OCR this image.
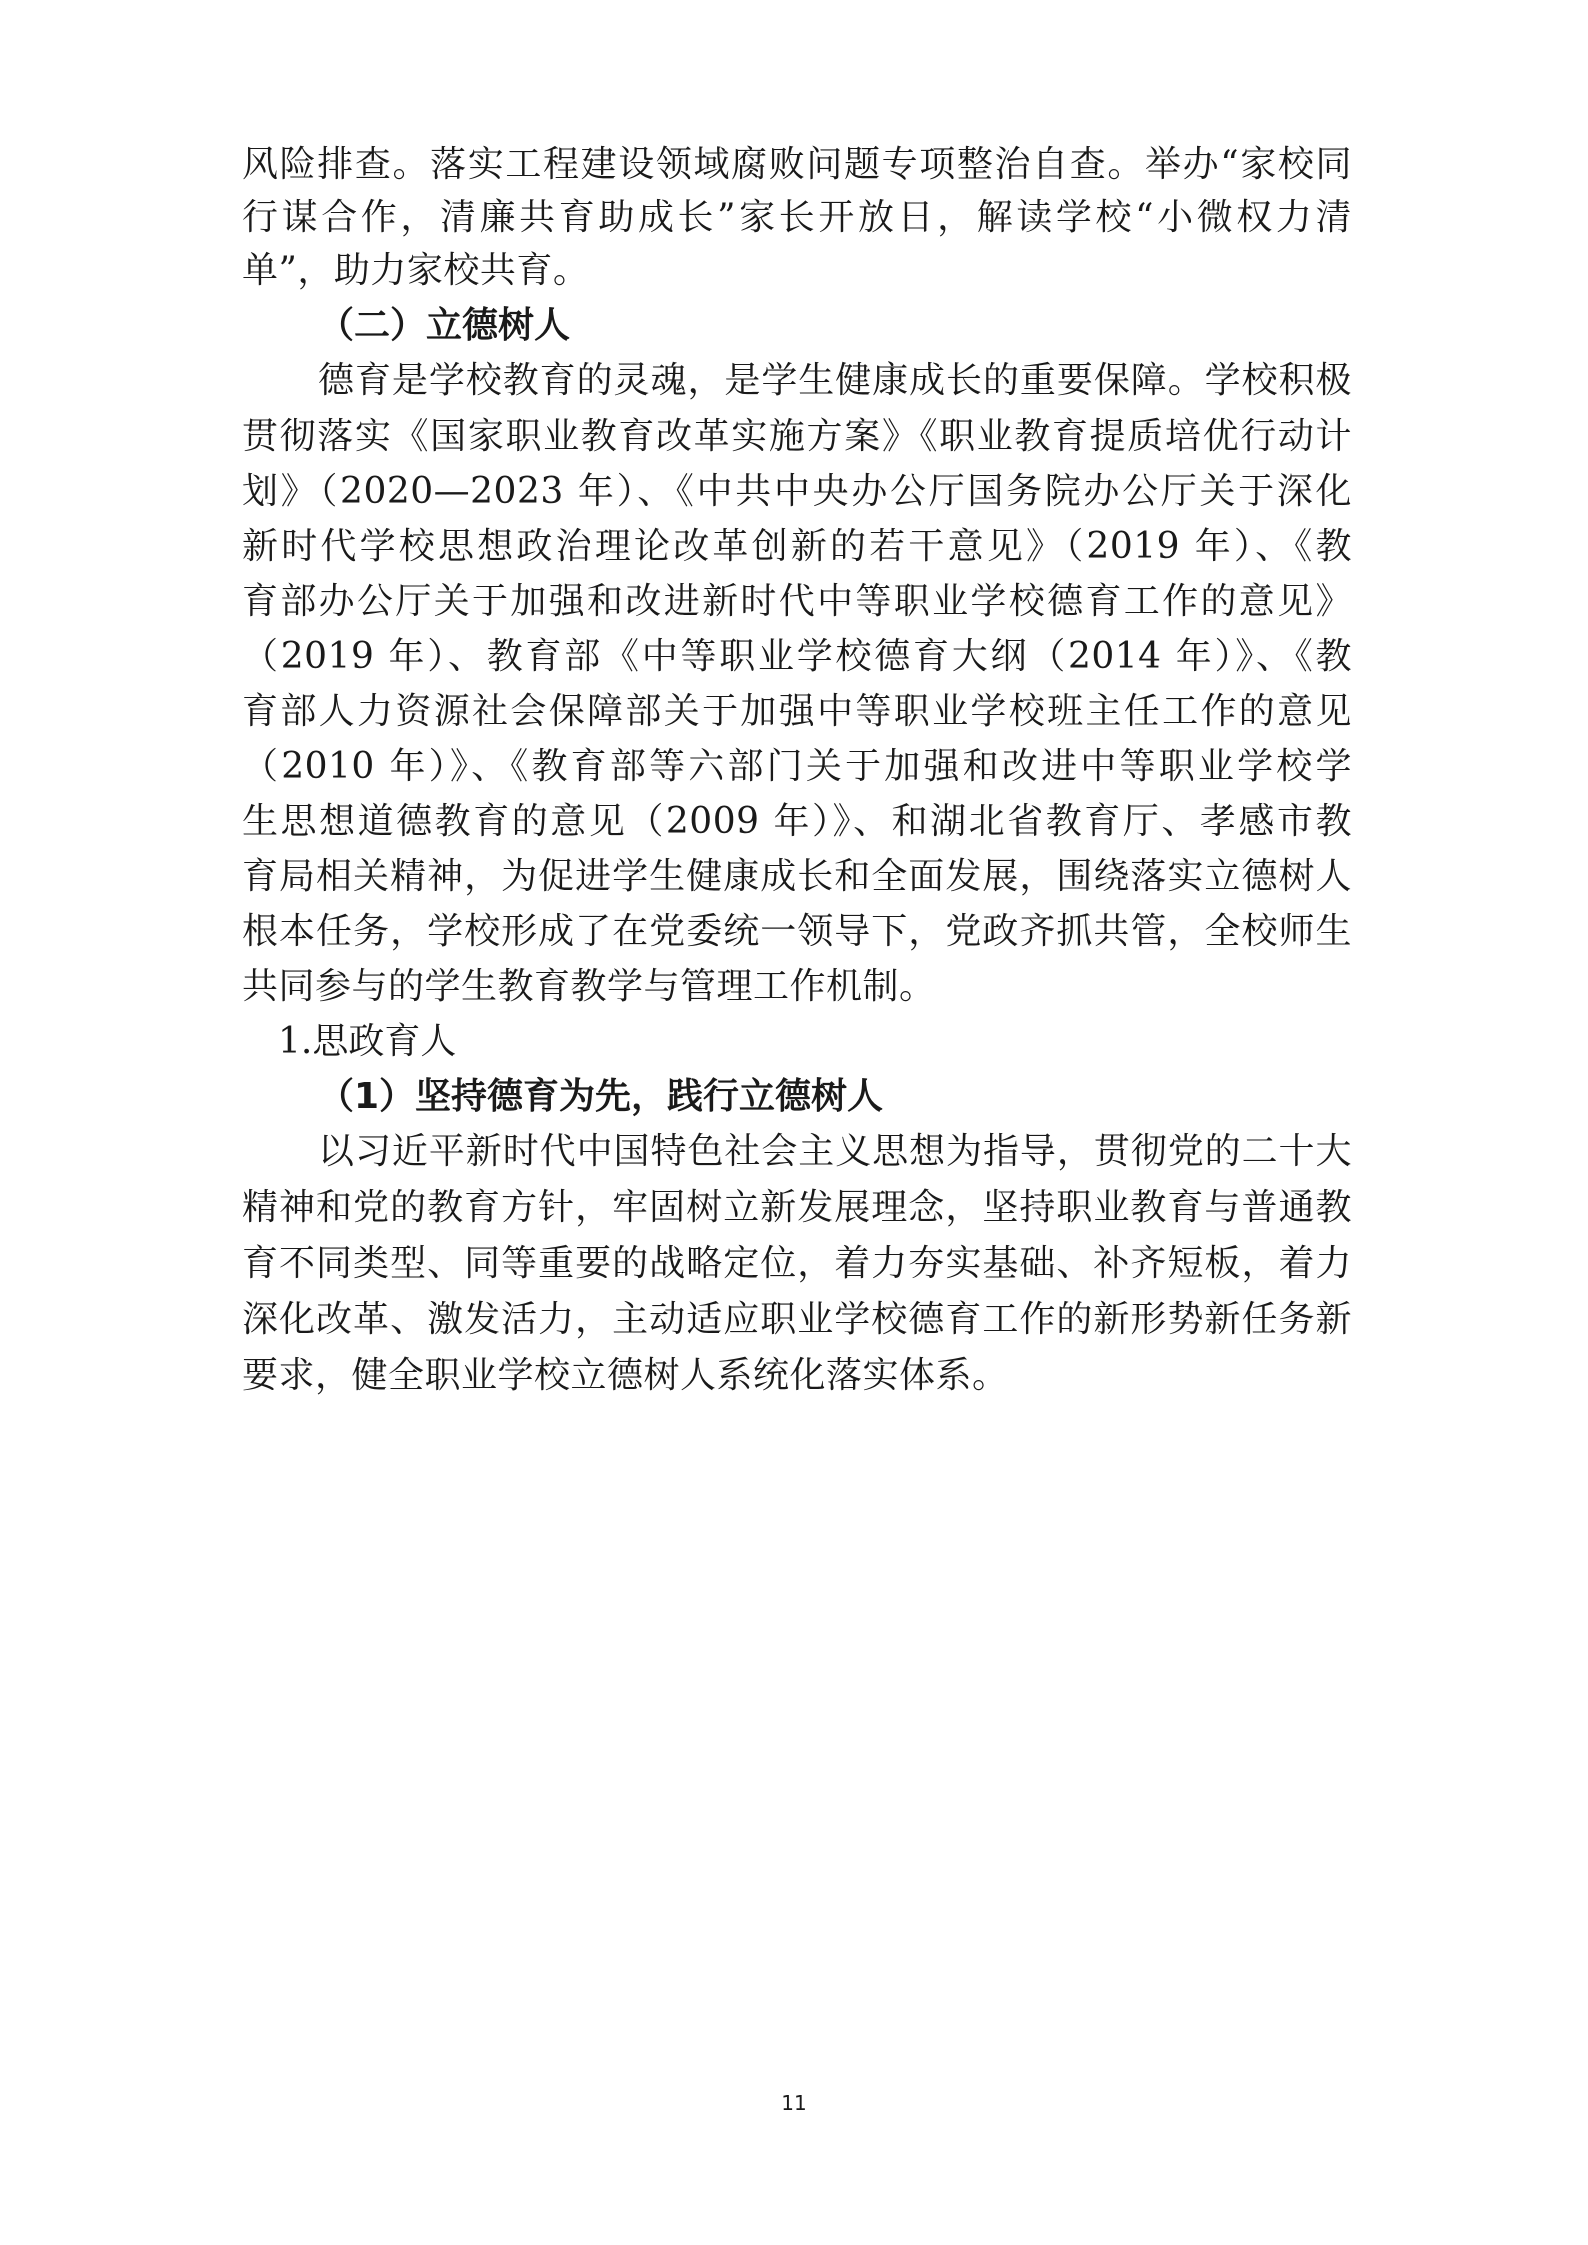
风险排查。落实工程建设领域腐败问题专项整治自查。举办“家校同
行谋合作，清廉共育助成长”家长开放日，解读学校“小微权力清
单”，助力家校共育。
（二）立德树人
德育是学校教育的灵魂，是学生健康成长的重要保障。学校积极
贯彻落实《国家职业教育改革实施方案》《职业教育提质培优行动计
划》（2020—2023 年）、《中共中央办公厅国务院办公厅关于深化
新时代学校思想政治理论改革创新的若干意见》（2019 年）、《教
育部办公厅关于加强和改进新时代中等职业学校德育工作的意见》
（2019 年）、教育部《中等职业学校德育大纲（2014 年）》、《教
育部人力资源社会保障部关于加强中等职业学校班主任工作的意见
（2010 年）》、《教育部等六部门关于加强和改进中等职业学校学
生思想道德教育的意见（2009 年）》、和湖北省教育厅、孝感市教
育局相关精神，为促进学生健康成长和全面发展，围绕落实立德树人
根本任务，学校形成了在党委统一领导下，党政齐抓共管，全校师生
共同参与的学生教育教学与管理工作机制。
1.思政育人
（1）坚持德育为先，践行立德树人
以习近平新时代中国特色社会主义思想为指导，贯彻党的二十大
精神和党的教育方针，牢固树立新发展理念，坚持职业教育与普通教
育不同类型、同等重要的战略定位，着力夯实基础、补齐短板，着力
深化改革、激发活力，主动适应职业学校德育工作的新形势新任务新
要求，健全职业学校立德树人系统化落实体系。
11
